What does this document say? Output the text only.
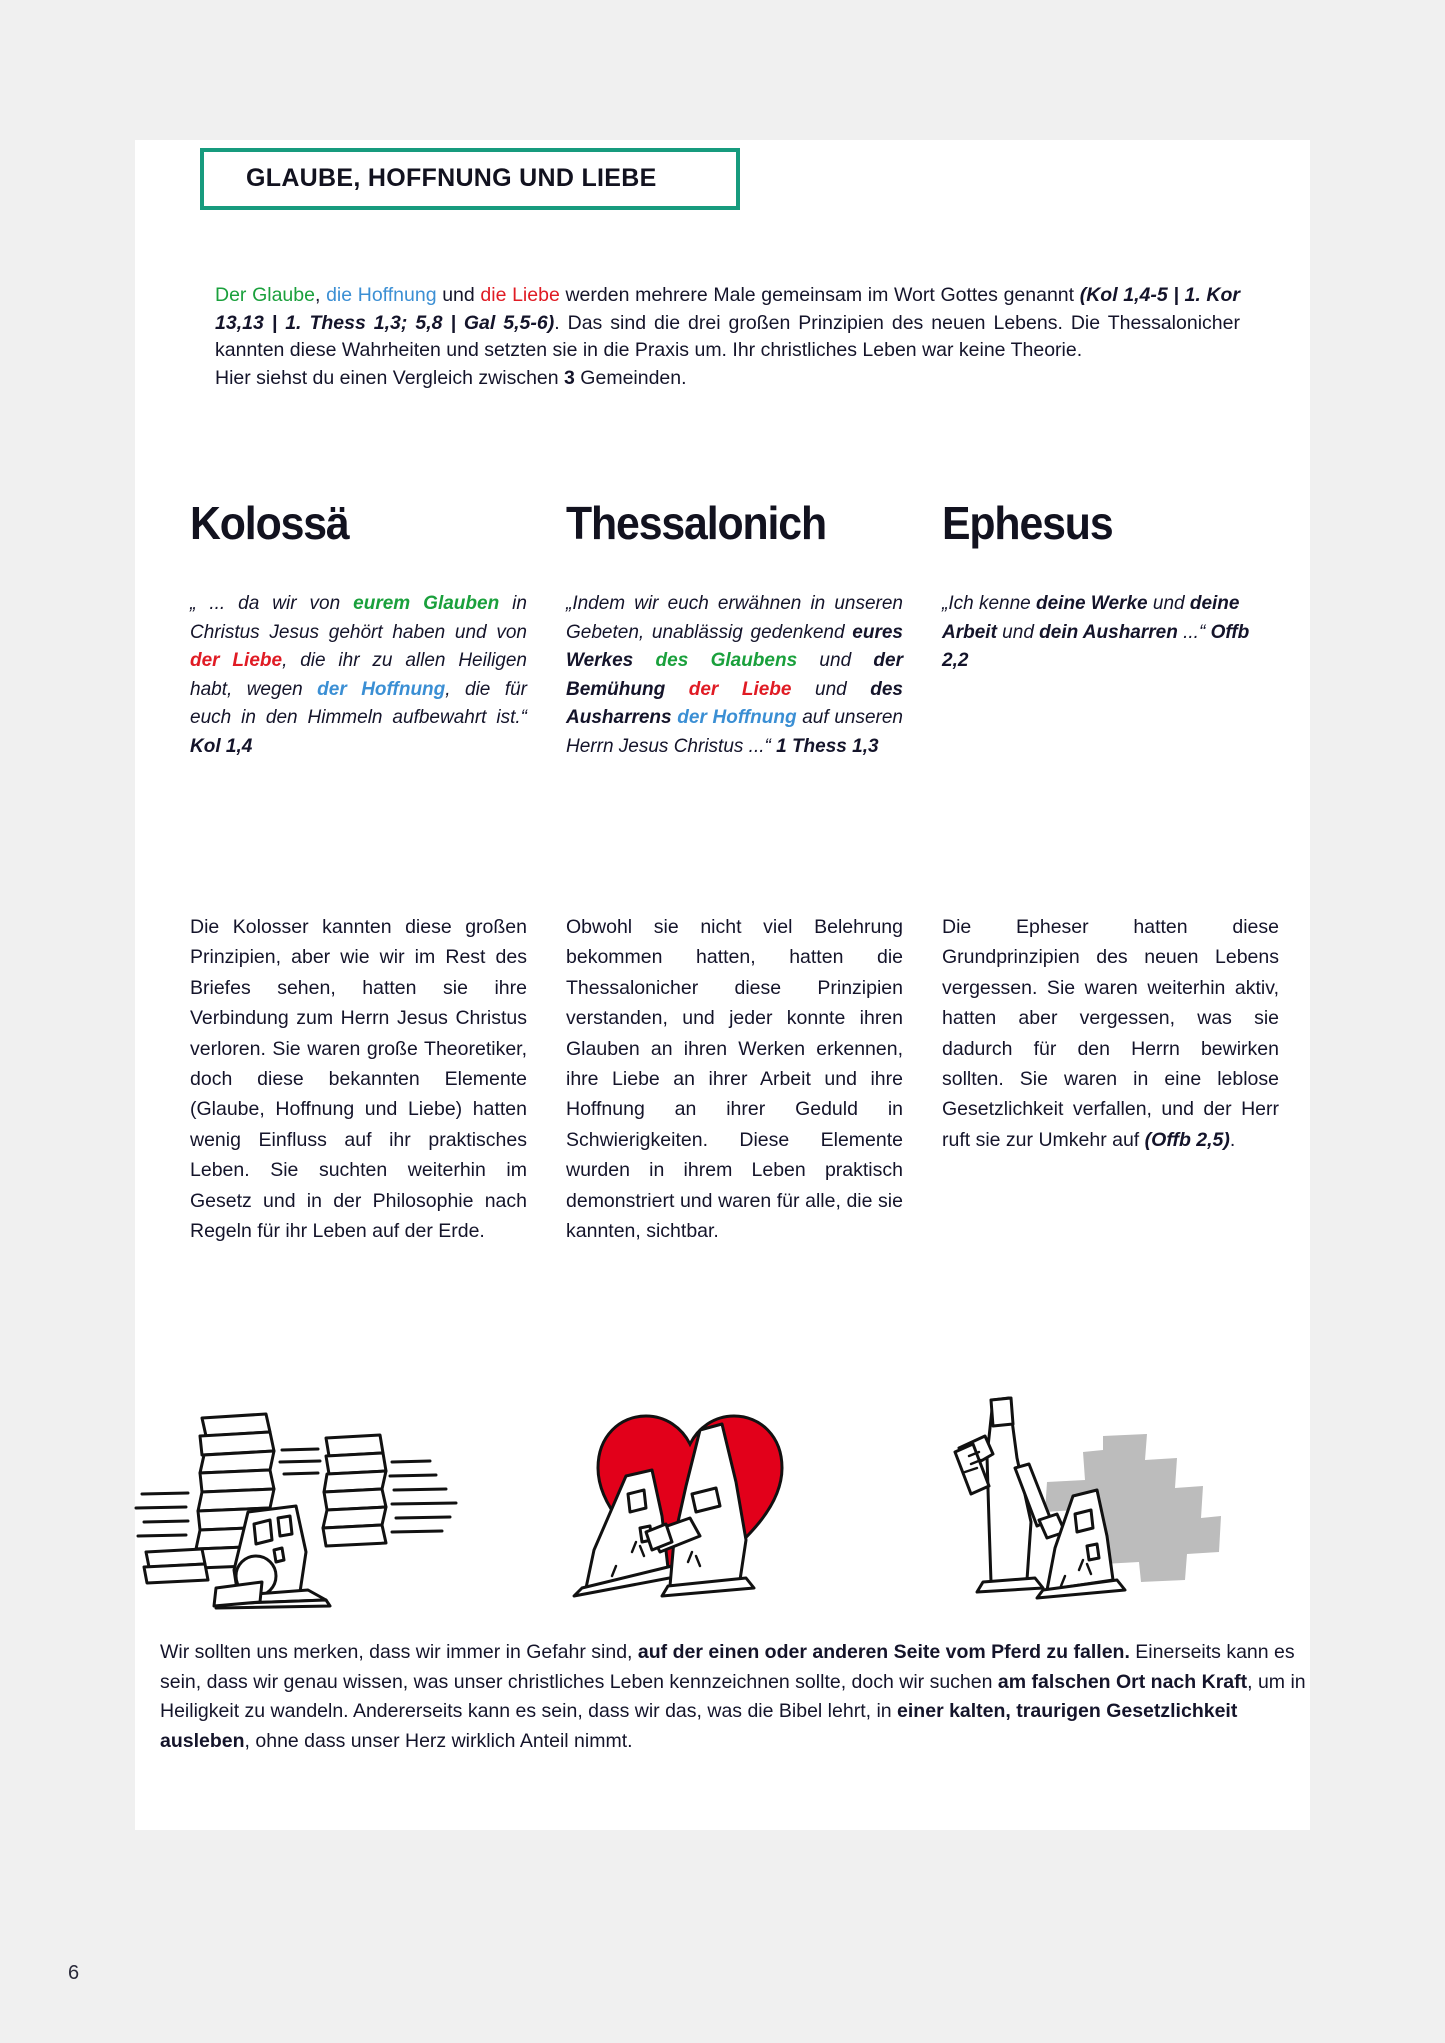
GLAUBE, HOFFNUNG UND LIEBE

Der Glaube, die Hoffnung und die Liebe werden mehrere Male gemeinsam im Wort Gottes genannt (Kol 1,4-5 | 1. Kor 13,13 | 1. Thess 1,3; 5,8 | Gal 5,5-6). Das sind die drei großen Prinzipien des neuen Lebens. Die Thessalonicher kannten diese Wahrheiten und setzten sie in die Praxis um. Ihr christliches Leben war keine Theorie.

Hier siehst du einen Vergleich zwischen 3 Gemeinden.

Kolossä
„ ... da wir von eurem Glauben in Christus Jesus gehört haben und von der Liebe, die ihr zu allen Heiligen habt, wegen der Hoffnung, die für euch in den Himmeln aufbewahrt ist.“ Kol 1,4
Thessalonich
„Indem wir euch erwähnen in unseren Gebeten, unablässig gedenkend eures Werkes des Glaubens und der Bemühung der Liebe und des Ausharrens der Hoffnung auf unseren Herrn Jesus Christus ...“ 1 Thess 1,3
Ephesus
„Ich kenne deine Werke und deine Arbeit und dein Ausharren ...“ Offb 2,2
Die Kolosser kannten diese großen Prinzipien, aber wie wir im Rest des Briefes sehen, hatten sie ihre Verbindung zum Herrn Jesus Christus verloren. Sie waren große Theoretiker, doch diese bekannten Elemente (Glaube, Hoffnung und Liebe) hatten wenig Einfluss auf ihr praktisches Leben. Sie suchten weiterhin im Gesetz und in der Philosophie nach Regeln für ihr Leben auf der Erde.
Obwohl sie nicht viel Belehrung bekommen hatten, hatten die Thessalonicher diese Prinzipien verstanden, und jeder konnte ihren Glauben an ihren Werken erkennen, ihre Liebe an ihrer Arbeit und ihre Hoffnung an ihrer Geduld in Schwierigkeiten. Diese Elemente wurden in ihrem Leben praktisch demonstriert und waren für alle, die sie kannten, sichtbar.
Die Epheser hatten diese Grundprinzipien des neuen Lebens vergessen. Sie waren weiterhin aktiv, hatten aber vergessen, was sie dadurch für den Herrn bewirken sollten. Sie waren in eine leblose Gesetzlichkeit verfallen, und der Herr ruft sie zur Umkehr auf (Offb 2,5).
Wir sollten uns merken, dass wir immer in Gefahr sind, auf der einen oder anderen Seite vom Pferd zu fallen. Einerseits kann es sein, dass wir genau wissen, was unser christliches Leben kennzeichnen sollte, doch wir suchen am falschen Ort nach Kraft, um in Heiligkeit zu wandeln. Andererseits kann es sein, dass wir das, was die Bibel lehrt, in einer kalten, traurigen Gesetzlichkeit ausleben, ohne dass unser Herz wirklich Anteil nimmt.
6
